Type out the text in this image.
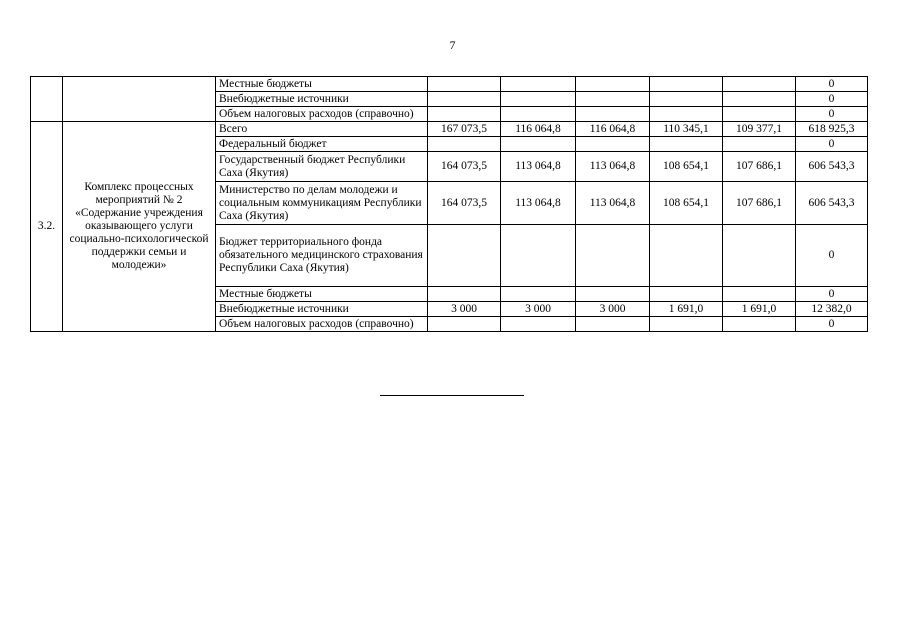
7
		Местные бюджеты						0
		Внебюджетные источники						0
		Объем налоговых расходов (справочно)						0
3.2.	Комплекс процессных мероприятий № 2 «Содержание учреждения оказывающего услуги социально-психологической поддержки семьи и молодежи»	Всего	167 073,5	116 064,8	116 064,8	110 345,1	109 377,1	618 925,3
		Федеральный бюджет						0
		Государственный бюджет Республики Саха (Якутия)	164 073,5	113 064,8	113 064,8	108 654,1	107 686,1	606 543,3
		Министерство по делам молодежи и социальным коммуникациям Республики Саха (Якутия)	164 073,5	113 064,8	113 064,8	108 654,1	107 686,1	606 543,3
		Бюджет территориального фонда обязательного медицинского страхования Республики Саха (Якутия)						0
		Местные бюджеты						0
		Внебюджетные источники	3 000	3 000	3 000	1 691,0	1 691,0	12 382,0
		Объем налоговых расходов (справочно)						0
